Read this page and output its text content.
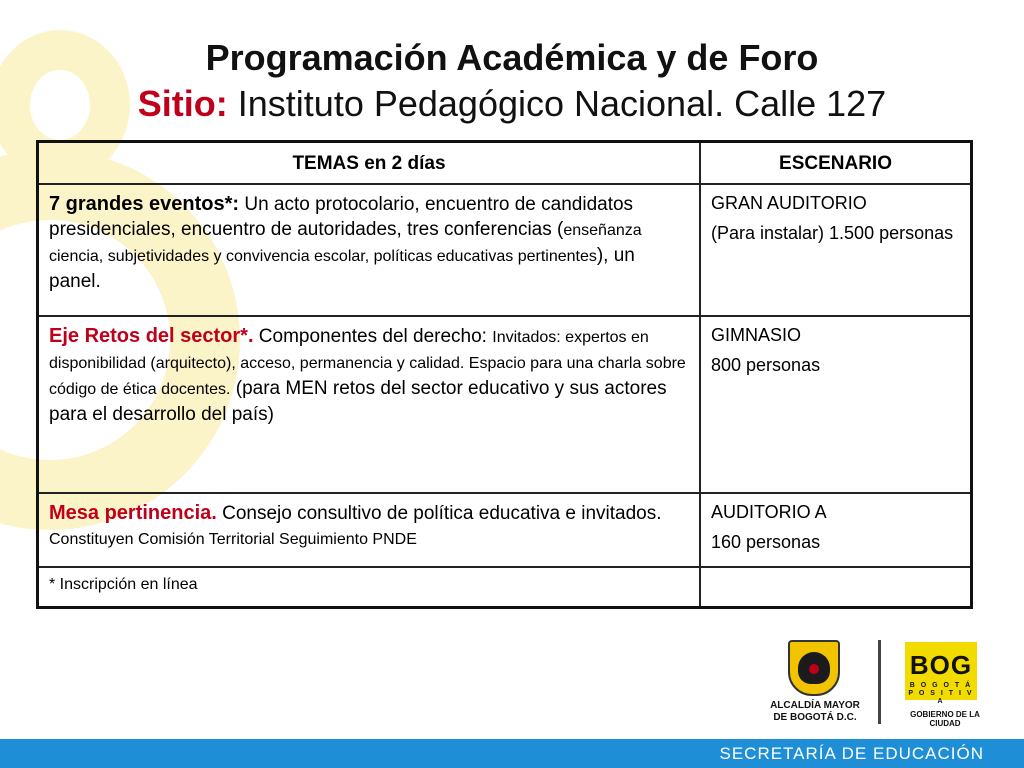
Programación Académica y de Foro
Sitio: Instituto Pedagógico Nacional. Calle 127
TEMAS en 2 días	ESCENARIO
7 grandes eventos*: Un acto protocolario, encuentro de candidatos presidenciales, encuentro de autoridades, tres conferencias (enseñanza ciencia, subjetividades y convivencia escolar, políticas educativas pertinentes), un panel.	GRAN AUDITORIO
(Para instalar) 1.500 personas

Eje Retos del sector*. Componentes del derecho: Invitados: expertos en disponibilidad (arquitecto), acceso, permanencia y calidad. Espacio para una charla sobre código de ética docentes. (para MEN retos del sector educativo y sus actores para el desarrollo del país)	GIMNASIO
800 personas

Mesa pertinencia. Consejo consultivo de política educativa e invitados. Constituyen Comisión Territorial Seguimiento PNDE	AUDITORIO A
160 personas

* Inscripción en línea	
ALCALDÍA MAYOR
DE BOGOTÁ D.C.
BOG
B O G O T Á
P O S I T I V A
GOBIERNO DE LA CIUDAD
SECRETARÍA DE EDUCACIÓN
